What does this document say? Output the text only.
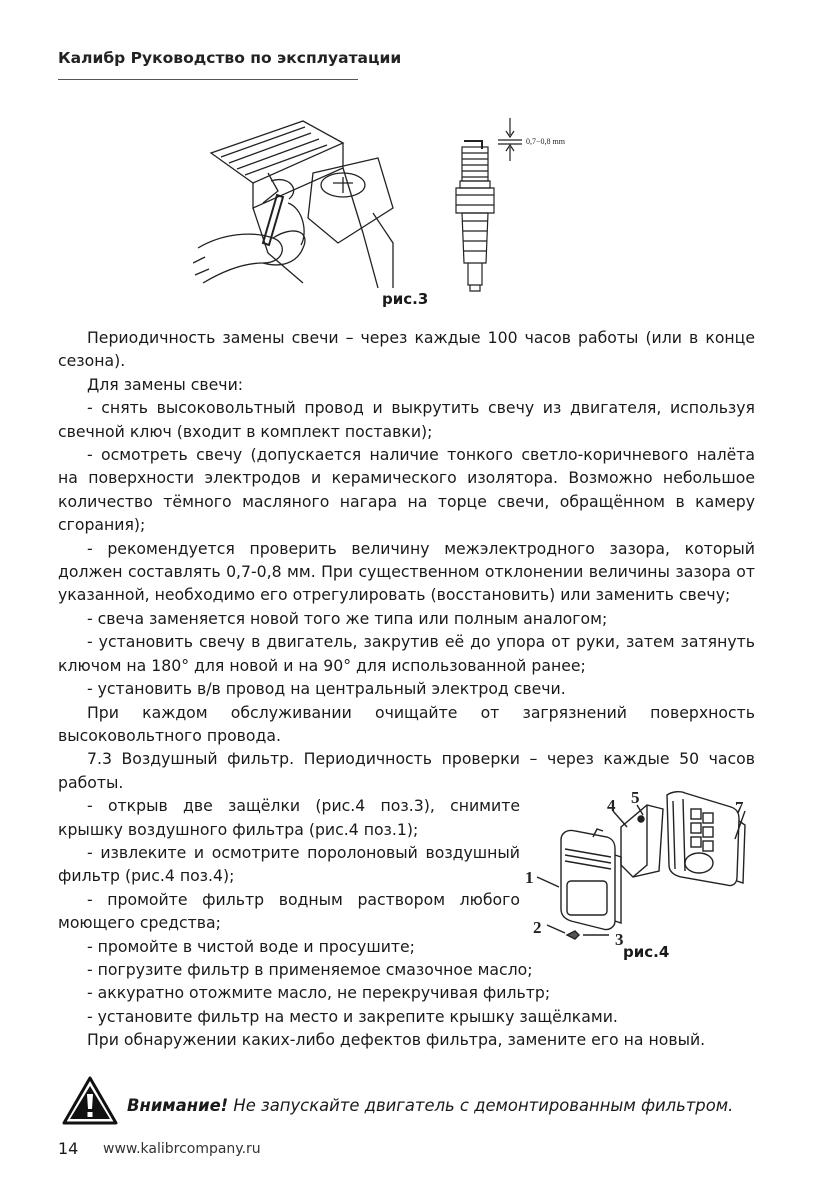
Калибр Руководство по эксплуатации
0,7−0,8 mm
рис.3

Периодичность замены свечи – через каждые 100 часов работы (или в конце сезона).

Для замены свечи:

- снять высоковольтный провод и выкрутить свечу из двигателя, используя свечной ключ (входит в комплект поставки);

- осмотреть свечу (допускается наличие тонкого светло-коричневого налёта на поверхности электродов и керамического изолятора. Возможно небольшое количество тёмного масляного нагара на торце свечи, обращённом в камеру сгорания);

- рекомендуется проверить величину межэлектродного зазора, который должен составлять 0,7-0,8 мм. При существенном отклонении величины зазора от указанной, необходимо его отрегулировать (восстановить) или заменить свечу;

- свеча заменяется новой того же типа или полным аналогом;

- установить свечу в двигатель, закрутив её до упора от руки, затем затянуть ключом на 180° для новой и на 90° для использованной ранее;

- установить в/в провод на центральный электрод свечи.

При каждом обслуживании очищайте от загрязнений поверхность высоковольтного провода.

7.3 Воздушный фильтр. Периодичность проверки – через каждые 50 часов работы.

- открыв две защёлки (рис.4 поз.3), снимите крышку воздушного фильтра (рис.4 поз.1);

- извлеките и осмотрите поролоновый воздушный фильтр (рис.4 поз.4);

- промойте фильтр водным раствором любого моющего средства;

- промойте в чистой воде и просушите;

- погрузите фильтр в применяемое смазочное масло;

- аккуратно отожмите масло, не перекручивая фильтр;

- установите фильтр на место и закрепите крышку защёлками.

При обнаружении каких-либо дефектов фильтра, замените его на новый.

1
2
3
4 5
7
рис.4
Внимание! Не запускайте двигатель с демонтированным фильтром.
14 www.kalibrcompany.ru
